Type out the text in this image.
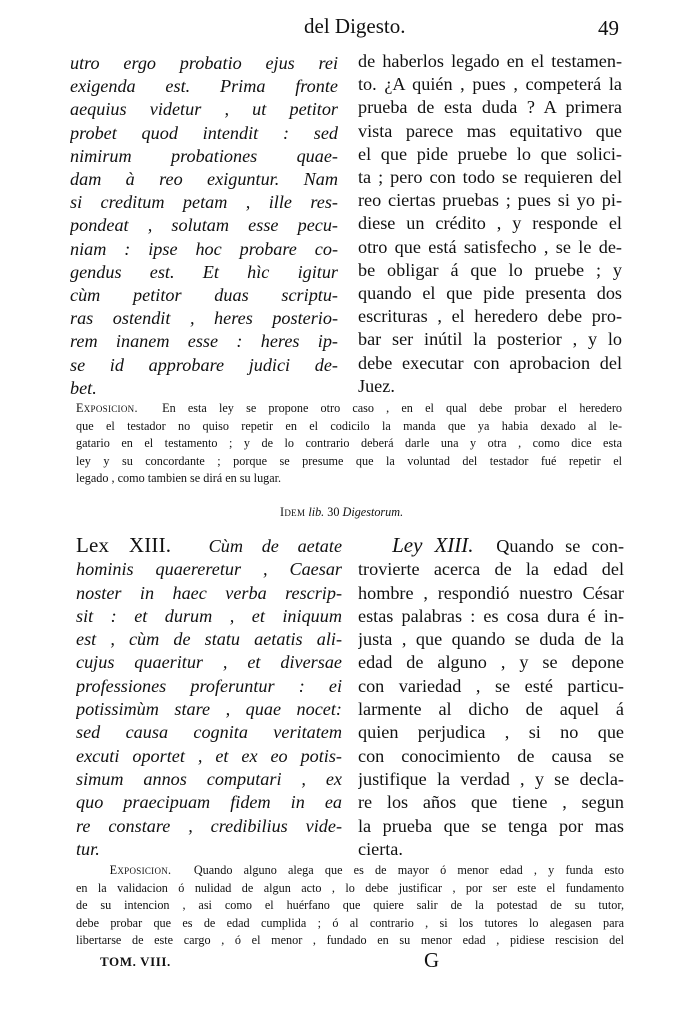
del Digesto.	49
utro ergo probatio ejus rei
exigenda est. Prima fronte
aequius videtur , ut petitor
probet quod intendit : sed
nimirum probationes quae-
dam à reo exiguntur. Nam
si creditum petam , ille res-
pondeat , solutam esse pecu-
niam : ipse hoc probare co-
gendus est. Et hìc igitur
cùm petitor duas scriptu-
ras ostendit , heres posterio-
rem inanem esse : heres ip-
se id approbare judici de-
bet.
de haberlos legado en el testamen-
to. ¿A quién , pues , competerá la
prueba de esta duda ? A primera
vista parece mas equitativo que
el que pide pruebe lo que solici-
ta ; pero con todo se requieren del
reo ciertas pruebas ; pues si yo pi-
diese un crédito , y responde el
otro que está satisfecho , se le de-
be obligar á que lo pruebe ; y
quando el que pide presenta dos
escrituras , el heredero debe pro-
bar ser inútil la posterior , y lo
debe executar con aprobacion del
Juez.
Exposicion. En esta ley se propone otro caso , en el qual debe probar el heredero
que el testador no quiso repetir en el codicilo la manda que ya habia dexado al le-
gatario en el testamento ; y de lo contrario deberá darle una y otra , como dice esta
ley y su concordante ; porque se presume que la voluntad del testador fué repetir el
legado , como tambien se dirá en su lugar.
Idem lib. 30 Digestorum.
Lex XIII. Cùm de aetate
hominis quaereretur , Caesar
noster in haec verba rescrip-
sit : et durum , et iniquum
est , cùm de statu aetatis ali-
cujus quaeritur , et diversae
professiones proferuntur : ei
potissimùm stare , quae nocet:
sed causa cognita veritatem
excuti oportet , et ex eo potis-
simum annos computari , ex
quo praecipuam fidem in ea
re constare , credibilius vide-
tur.
Ley XIII. Quando se con-
trovierte acerca de la edad del
hombre , respondió nuestro César
estas palabras : es cosa dura é in-
justa , que quando se duda de la
edad de alguno , y se depone
con variedad , se esté particu-
larmente al dicho de aquel á
quien perjudica , si no que
con conocimiento de causa se
justifique la verdad , y se decla-
re los años que tiene , segun
la prueba que se tenga por mas
cierta.
Exposicion. Quando alguno alega que es de mayor ó menor edad , y funda esto
en la validacion ó nulidad de algun acto , lo debe justificar , por ser este el fundamento
de su intencion , asi como el huérfano que quiere salir de la potestad de su tutor,
debe probar que es de edad cumplida ; ó al contrario , si los tutores lo alegasen para
libertarse de este cargo , ó el menor , fundado en su menor edad , pidiese rescision del
TOM. VIII.	G
